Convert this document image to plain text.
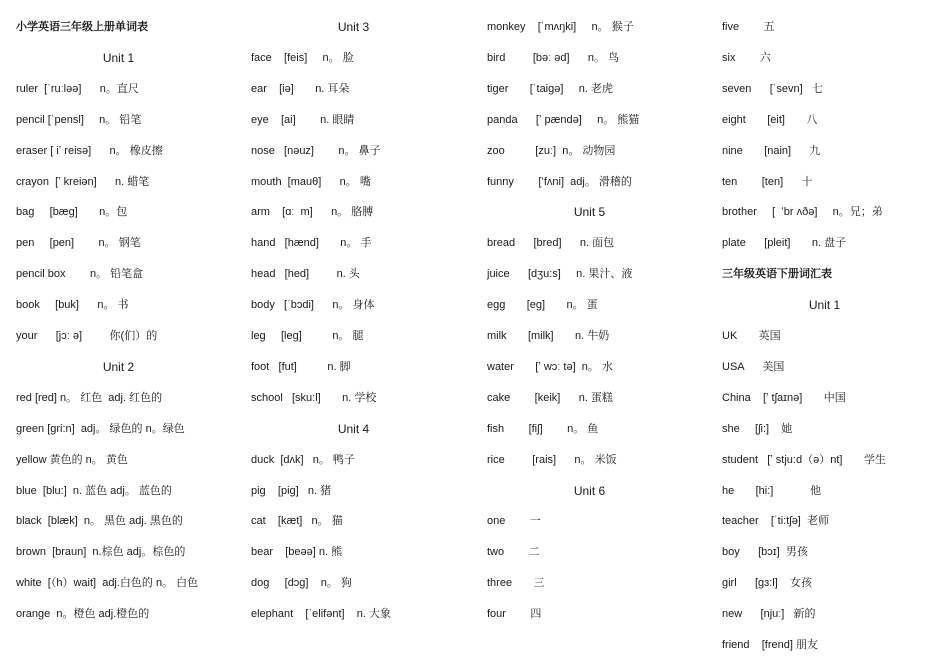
小学英语三年级上册单词表
Unit 1
ruler  [ˈruːləə]      n。直尺
pencil [ˈpensl]     n。 铅笔
eraser [ iʼ reisə]      n。 橡皮擦
crayon  [ʼ kreiən]      n. 蜡笔
bag     [bæg]       n。包
pen     [pen]        n。 钢笔
pencil box        n。 铅笔盒
book     [buk]      n。 书
your      [jɔː ə]         你(们）的
Unit 2
red [red] n。 红色  adj. 红色的
green [gri:n]  adj。 绿色的 n。绿色
yellow 黄色的 n。 黄色
blue  [blu:]  n. 蓝色 adj。 蓝色的
black  [blæk]  n。 黑色 adj. 黑色的
brown  [braun]  n.棕色 adj。棕色的
white  [（h）wait]  adj.白色的 n。 白色
orange  n。橙色 adj.橙色的
Unit 3
face    [feis]     n。 脸
ear    [iə]       n. 耳朵
eye    [ai]        n. 眼睛
nose   [nəuz]        n。 鼻子
mouth  [mauθ]      n。 嘴
arm    [ɑː  m]      n。 胳膊
hand   [hænd]       n。 手
head   [hed]         n. 头
body   [ˈbɔdi]      n。 身体
leg     [leg]          n。 腿
foot   [fut]          n. 脚
school   [sku:l]       n. 学校
Unit 4
duck  [dʌk]   n。 鸭子
pig    [pig]   n. 猪
cat    [kæt]   n。 猫
bear    [beəə] n. 熊
dog     [dɔg]    n。 狗
elephant    [ˈelifənt]    n. 大象
monkey    [ˈmʌŋki]     n。 猴子
bird         [bəː əd]      n。 鸟
tiger       [ˈtaigə]     n. 老虎
panda      [ʼ pændə]     n。 熊猫
zoo          [zuː]  n。 动物园
funny        [ʻfʌni]  adj。 滑稽的
Unit 5
bread      [bred]      n. 面包
juice      [dʒu:s]     n. 果汁、液
egg       [eg]       n。 蛋
milk       [milk]       n. 牛奶
water       [ʼ wɔː tə]  n。 水
cake        [keik]      n. 蛋糕
fish        [fiʃ]        n。 鱼
rice         [rais]      n。 米饭
Unit 6
one        一
two        二
three       三
four        四
five        五
six        六
seven      [ˈsevn]   七
eight       [eit]       八
nine       [nain]      九
ten        [ten]      十
brother     [  ʻbr ʌðə]     n。兄；弟
plate      [pleit]       n. 盘子
三年级英语下册词汇表
Unit 1
UK       英国
USA      美国
China    [ʼ tʃaɪnə]       中国
she     [ʃi:]    她
student   [ʼ stju:d（ə）nt]       学生
he       [hi:]            他
teacher    [ˈti:tʃə]  老师
boy      [bɔɪ]  男孩
girl      [gɜ:l]    女孩
new      [njuː]   新的
friend    [frend] 朋友
